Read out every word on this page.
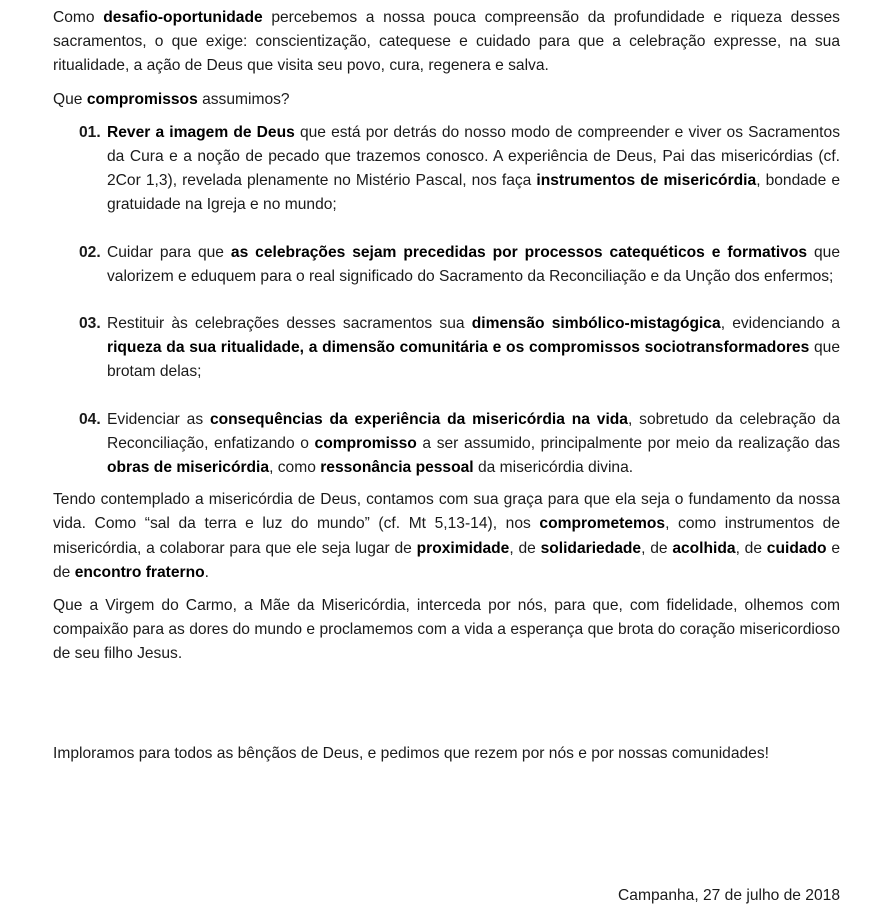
Como desafio-oportunidade percebemos a nossa pouca compreensão da profundidade e riqueza desses sacramentos, o que exige: conscientização, catequese e cuidado para que a celebração expresse, na sua ritualidade, a ação de Deus que visita seu povo, cura, regenera e salva.

Que compromissos assumimos?

01. Rever a imagem de Deus que está por detrás do nosso modo de compreender e viver os Sacramentos da Cura e a noção de pecado que trazemos conosco. A experiência de Deus, Pai das misericórdias (cf. 2Cor 1,3), revelada plenamente no Mistério Pascal, nos faça instrumentos de misericórdia, bondade e gratuidade na Igreja e no mundo;

02. Cuidar para que as celebrações sejam precedidas por processos catequéticos e formativos que valorizem e eduquem para o real significado do Sacramento da Reconciliação e da Unção dos enfermos;

03. Restituir às celebrações desses sacramentos sua dimensão simbólico-mistagógica, evidenciando a riqueza da sua ritualidade, a dimensão comunitária e os compromissos sociotransformadores que brotam delas;

04. Evidenciar as consequências da experiência da misericórdia na vida, sobretudo da celebração da Reconciliação, enfatizando o compromisso a ser assumido, principalmente por meio da realização das obras de misericórdia, como ressonância pessoal da misericórdia divina.

Tendo contemplado a misericórdia de Deus, contamos com sua graça para que ela seja o fundamento da nossa vida. Como “sal da terra e luz do mundo” (cf. Mt 5,13-14), nos comprometemos, como instrumentos de misericórdia, a colaborar para que ele seja lugar de proximidade, de solidariedade, de acolhida, de cuidado e de encontro fraterno.

Que a Virgem do Carmo, a Mãe da Misericórdia, interceda por nós, para que, com fidelidade, olhemos com compaixão para as dores do mundo e proclamemos com a vida a esperança que brota do coração misericordioso de seu filho Jesus.

Imploramos para todos as bênçãos de Deus, e pedimos que rezem por nós e por nossas comunidades!

Campanha, 27 de julho de 2018
